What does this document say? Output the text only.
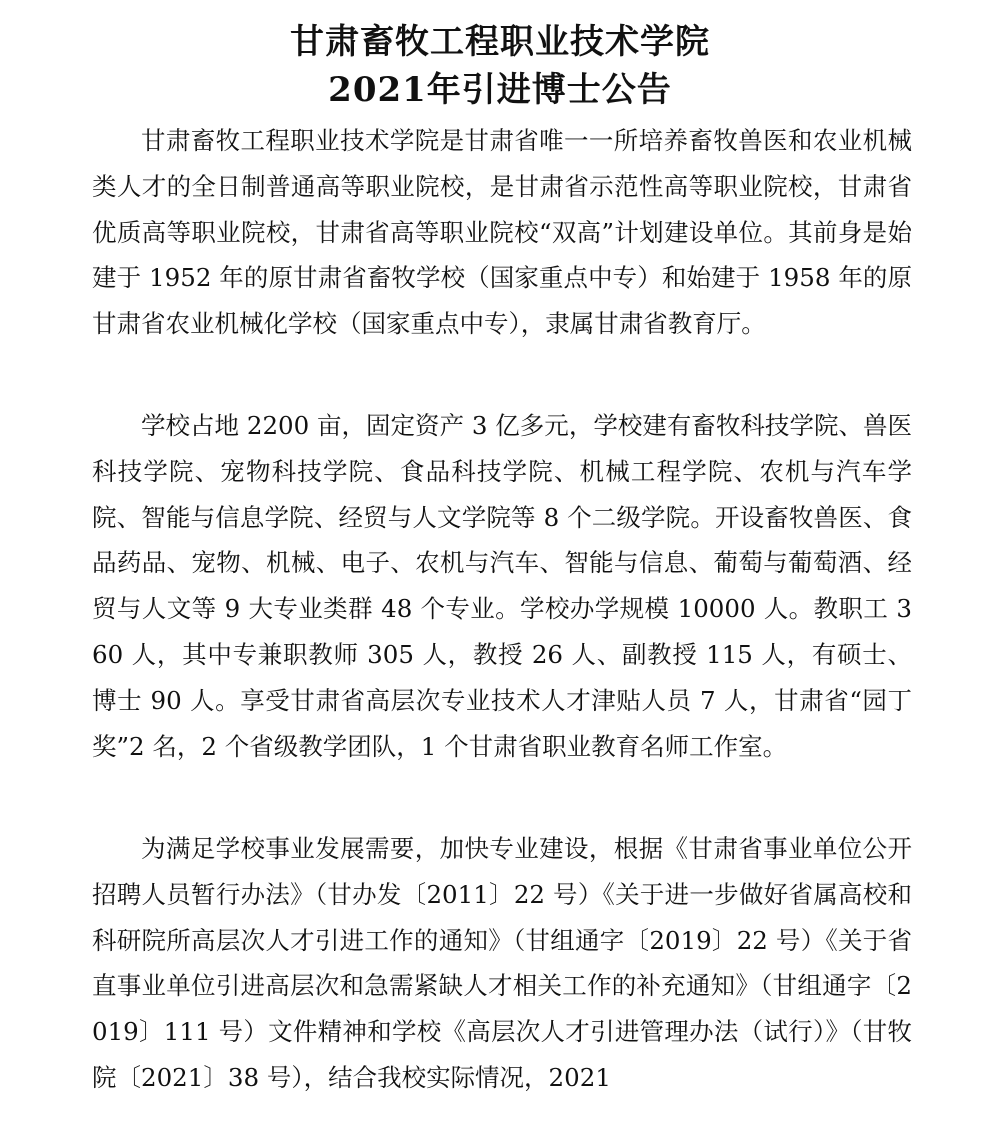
甘肃畜牧工程职业技术学院
2021年引进博士公告

甘肃畜牧工程职业技术学院是甘肃省唯一一所培养畜牧兽医和农业机械类人才的全日制普通高等职业院校，是甘肃省示范性高等职业院校，甘肃省优质高等职业院校，甘肃省高等职业院校“双高”计划建设单位。其前身是始建于 1952 年的原甘肃省畜牧学校（国家重点中专）和始建于 1958 年的原甘肃省农业机械化学校（国家重点中专），隶属甘肃省教育厅。

学校占地 2200 亩，固定资产 3 亿多元，学校建有畜牧科技学院、兽医科技学院、宠物科技学院、食品科技学院、机械工程学院、农机与汽车学院、智能与信息学院、经贸与人文学院等 8 个二级学院。开设畜牧兽医、食品药品、宠物、机械、电子、农机与汽车、智能与信息、葡萄与葡萄酒、经贸与人文等 9 大专业类群 48 个专业。学校办学规模 10000 人。教职工 360 人，其中专兼职教师 305 人，教授 26 人、副教授 115 人，有硕士、博士 90 人。享受甘肃省高层次专业技术人才津贴人员 7 人，甘肃省“园丁奖”2 名，2 个省级教学团队，1 个甘肃省职业教育名师工作室。

为满足学校事业发展需要，加快专业建设，根据《甘肃省事业单位公开招聘人员暂行办法》（甘办发〔2011〕22 号）《关于进一步做好省属高校和科研院所高层次人才引进工作的通知》（甘组通字〔2019〕22 号）《关于省直事业单位引进高层次和急需紧缺人才相关工作的补充通知》（甘组通字〔2019〕111 号）文件精神和学校《高层次人才引进管理办法（试行）》（甘牧院〔2021〕38 号），结合我校实际情况，2021
